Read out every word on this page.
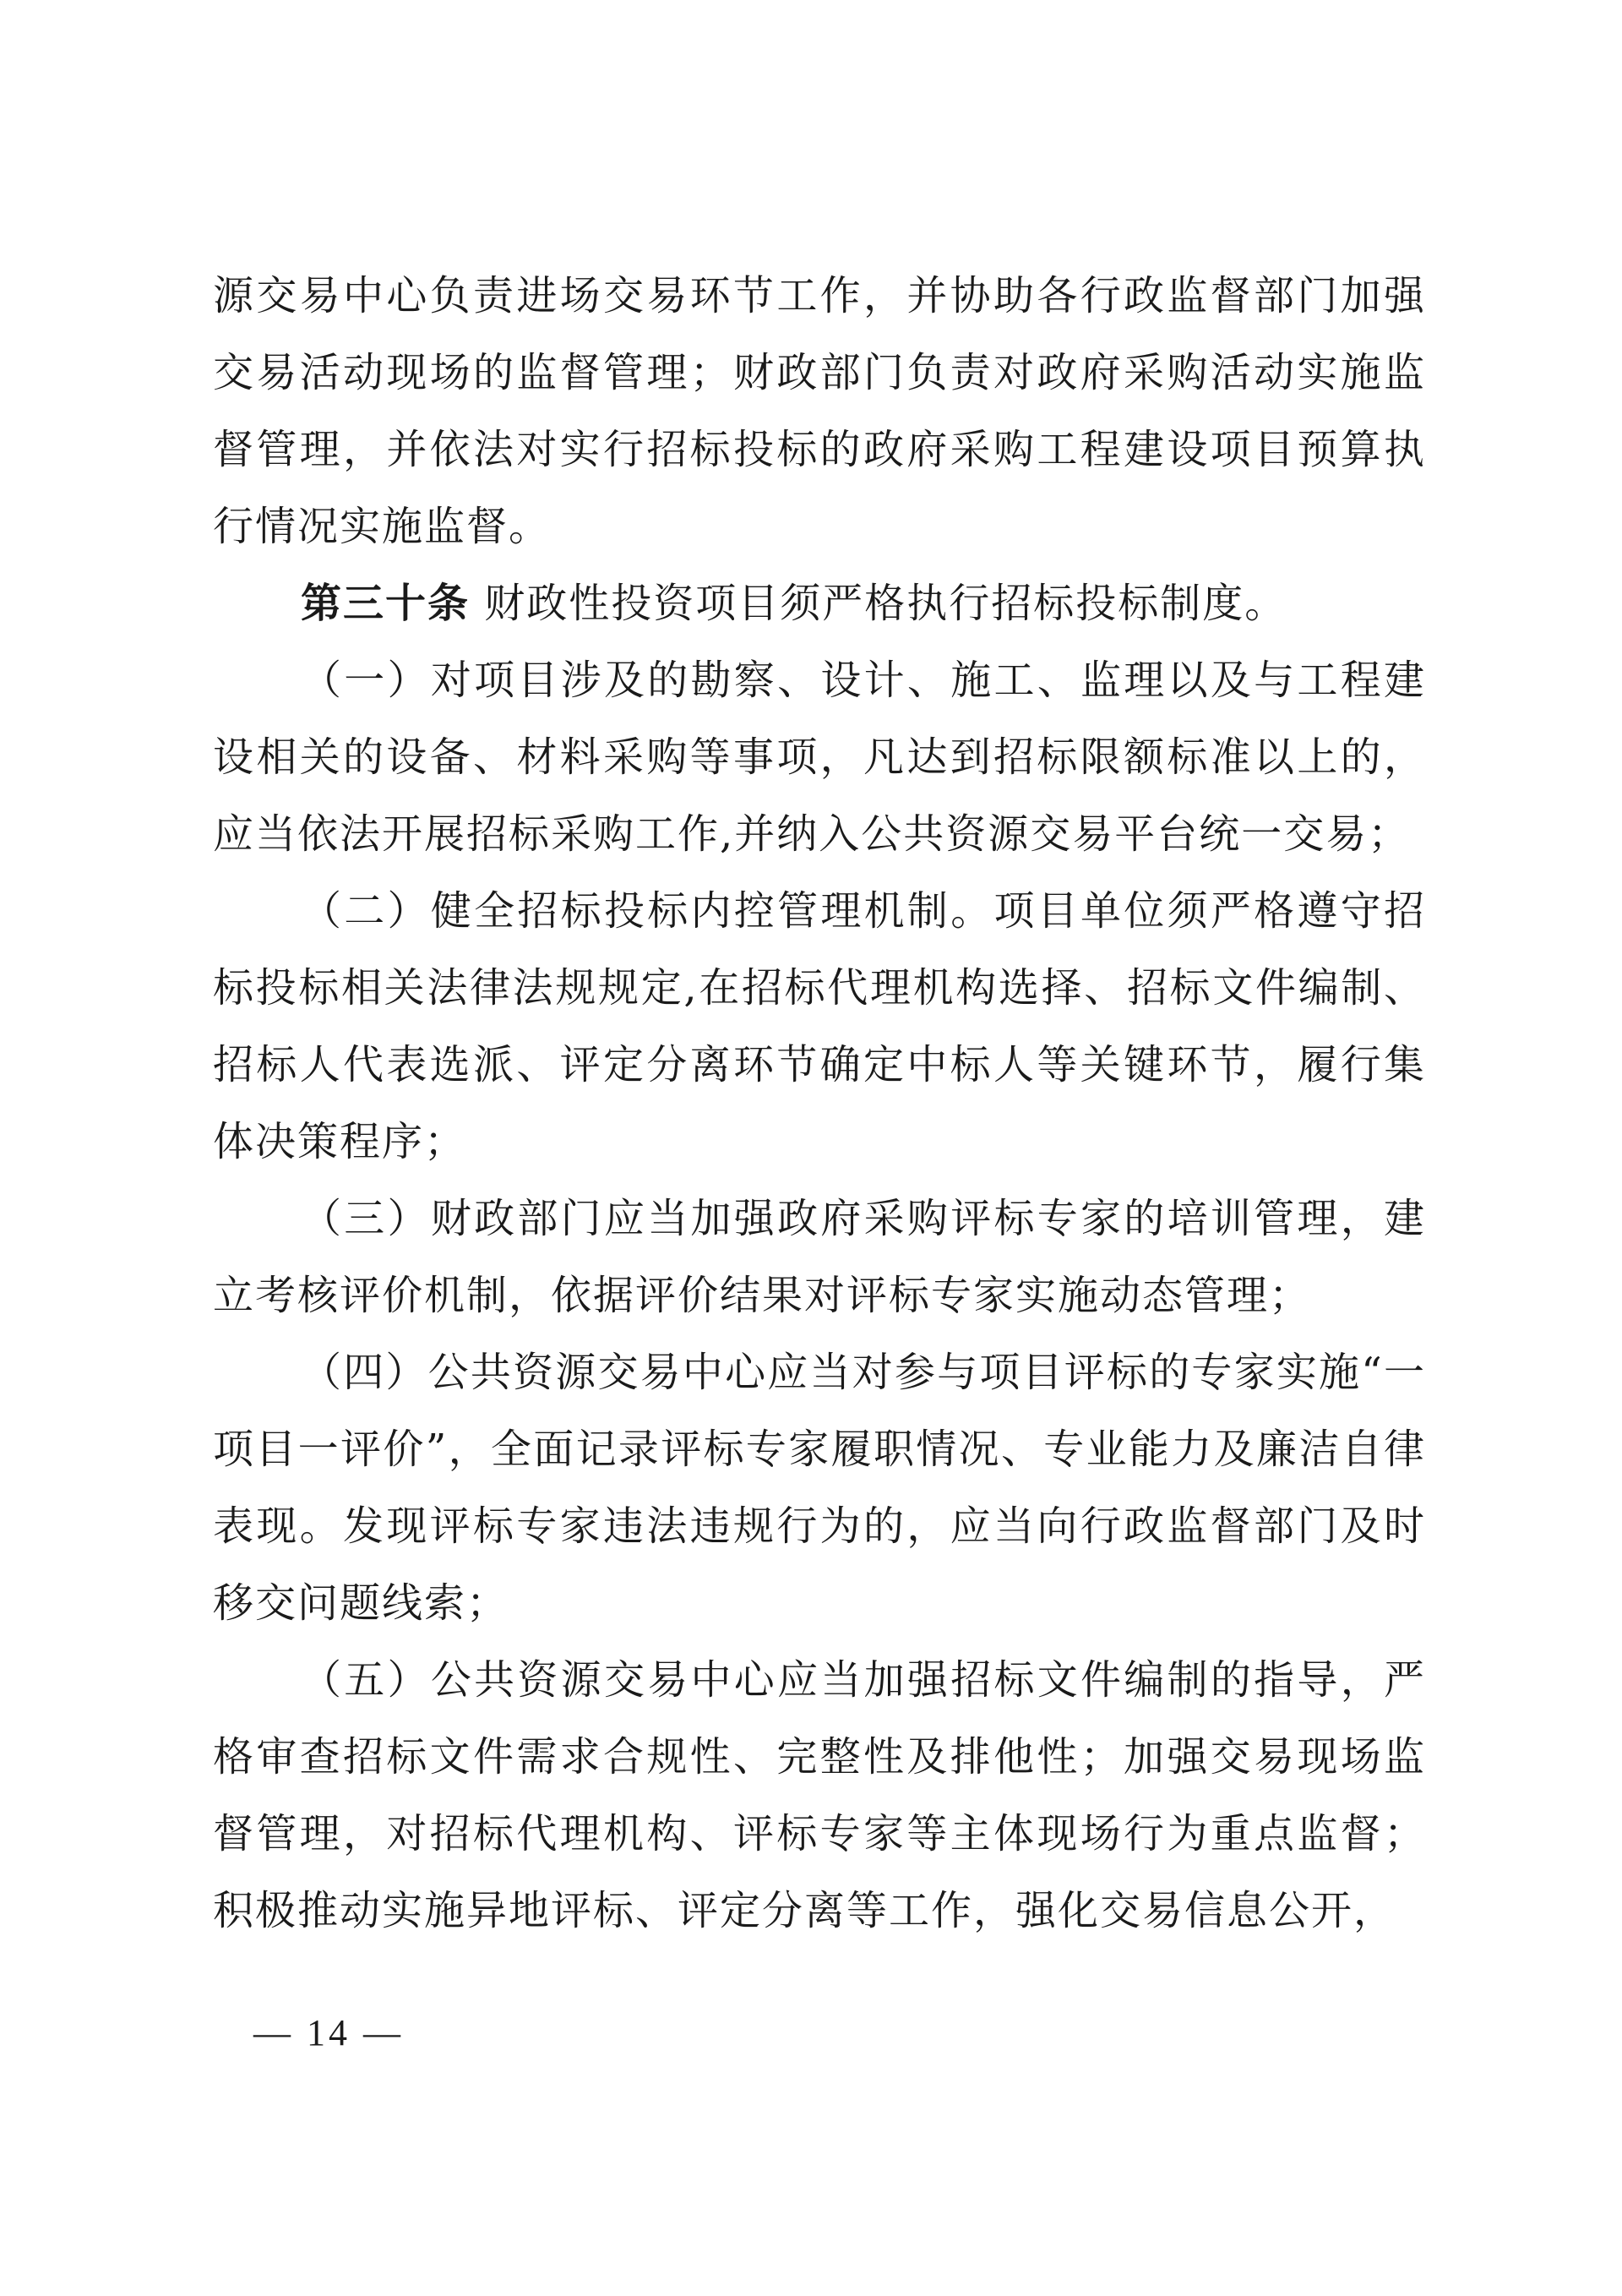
源交易中心负责进场交易环节工作，并协助各行政监督部门加强交易活动现场的监督管理；财政部门负责对政府采购活动实施监督管理，并依法对实行招标投标的政府采购工程建设项目预算执行情况实施监督。

第三十条 财政性投资项目须严格执行招标投标制度。

（一）对项目涉及的勘察、设计、施工、监理以及与工程建设相关的设备、材料采购等事项，凡达到招标限额标准以上的，应当依法开展招标采购工作,并纳入公共资源交易平台统一交易；

（二）健全招标投标内控管理机制。项目单位须严格遵守招标投标相关法律法规规定,在招标代理机构选择、招标文件编制、招标人代表选派、评定分离环节确定中标人等关键环节，履行集体决策程序；

（三）财政部门应当加强政府采购评标专家的培训管理，建立考核评价机制，依据评价结果对评标专家实施动态管理；

（四）公共资源交易中心应当对参与项目评标的专家实施“一项目一评价”，全面记录评标专家履职情况、专业能力及廉洁自律表现。发现评标专家违法违规行为的，应当向行政监督部门及时移交问题线索；

（五）公共资源交易中心应当加强招标文件编制的指导，严格审查招标文件需求合规性、完整性及排他性；加强交易现场监督管理，对招标代理机构、评标专家等主体现场行为重点监督；积极推动实施异地评标、评定分离等工作，强化交易信息公开，

— 14 —
